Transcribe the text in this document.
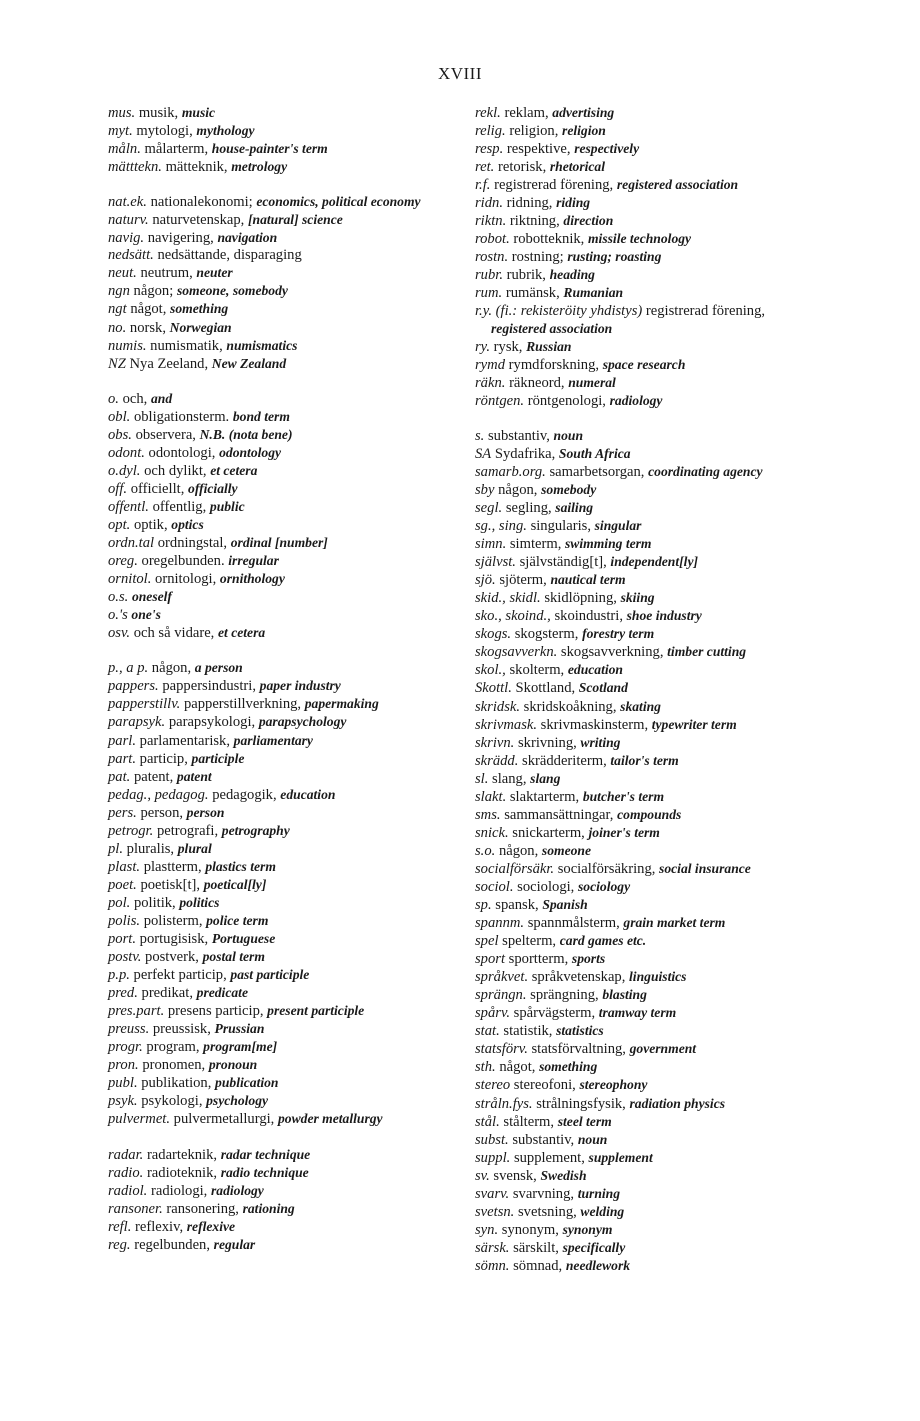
XVIII
mus. musik, music
myt. mytologi, mythology
måln. målarterm, house-painter's term
mätttekn. mätteknik, metrology
nat.ek. nationalekonomi; economics, political economy
naturv. naturvetenskap, [natural] science
navig. navigering, navigation
nedsätt. nedsättande, disparaging
neut. neutrum, neuter
ngn någon; someone, somebody
ngt något, something
no. norsk, Norwegian
numis. numismatik, numismatics
NZ Nya Zeeland, New Zealand
o. och, and
obl. obligationsterm. bond term
obs. observera, N.B. (nota bene)
odont. odontologi, odontology
o.dyl. och dylikt, et cetera
off. officiellt, officially
offentl. offentlig, public
opt. optik, optics
ordn.tal ordningstal, ordinal [number]
oreg. oregelbunden. irregular
ornitol. ornitologi, ornithology
o.s. oneself
o.'s one's
osv. och så vidare, et cetera
p., a p. någon, a person
pappers. pappersindustri, paper industry
papperstillv. papperstillverkning, papermaking
parapsyk. parapsykologi, parapsychology
parl. parlamentarisk, parliamentary
part. particip, participle
pat. patent, patent
pedag., pedagog. pedagogik, education
pers. person, person
petrogr. petrografi, petrography
pl. pluralis, plural
plast. plastterm, plastics term
poet. poetisk[t], poetical[ly]
pol. politik, politics
polis. polisterm, police term
port. portugisisk, Portuguese
postv. postverk, postal term
p.p. perfekt particip, past participle
pred. predikat, predicate
pres.part. presens particip, present participle
preuss. preussisk, Prussian
progr. program, program[me]
pron. pronomen, pronoun
publ. publikation, publication
psyk. psykologi, psychology
pulvermet. pulvermetallurgi, powder metallurgy
radar. radarteknik, radar technique
radio. radioteknik, radio technique
radiol. radiologi, radiology
ransoner. ransonering, rationing
refl. reflexiv, reflexive
reg. regelbunden, regular
rekl. reklam, advertising
relig. religion, religion
resp. respektive, respectively
ret. retorisk, rhetorical
r.f. registrerad förening, registered association
ridn. ridning, riding
riktn. riktning, direction
robot. robotteknik, missile technology
rostn. rostning; rusting; roasting
rubr. rubrik, heading
rum. rumänsk, Rumanian
r.y. (fi.: rekisteröity yhdistys) registrerad förening, registered association
ry. rysk, Russian
rymd rymdforskning, space research
räkn. räkneord, numeral
röntgen. röntgenologi, radiology
s. substantiv, noun
SA Sydafrika, South Africa
samarb.org. samarbetsorgan, coordinating agency
sby någon, somebody
segl. segling, sailing
sg., sing. singularis, singular
simn. simterm, swimming term
självst. självständig[t], independent[ly]
sjö. sjöterm, nautical term
skid., skidl. skidlöpning, skiing
sko., skoind., skoindustri, shoe industry
skogs. skogsterm, forestry term
skogsavverkn. skogsavverkning, timber cutting
skol., skolterm, education
Skottl. Skottland, Scotland
skridsk. skridskoåkning, skating
skrivmask. skrivmaskinsterm, typewriter term
skrivn. skrivning, writing
skrädd. skrädderiterm, tailor's term
sl. slang, slang
slakt. slaktarterm, butcher's term
sms. sammansättningar, compounds
snick. snickarterm, joiner's term
s.o. någon, someone
socialförsäkr. socialförsäkring, social insurance
sociol. sociologi, sociology
sp. spansk, Spanish
spannm. spannmålsterm, grain market term
spel spelterm, card games etc.
sport sportterm, sports
språkvet. språkvetenskap, linguistics
sprängn. sprängning, blasting
spårv. spårvägsterm, tramway term
stat. statistik, statistics
statsförv. statsförvaltning, government
sth. något, something
stereo stereofoni, stereophony
stråln.fys. strålningsfysik, radiation physics
stål. stålterm, steel term
subst. substantiv, noun
suppl. supplement, supplement
sv. svensk, Swedish
svarv. svarvning, turning
svetsn. svetsning, welding
syn. synonym, synonym
särsk. särskilt, specifically
sömn. sömnad, needlework
